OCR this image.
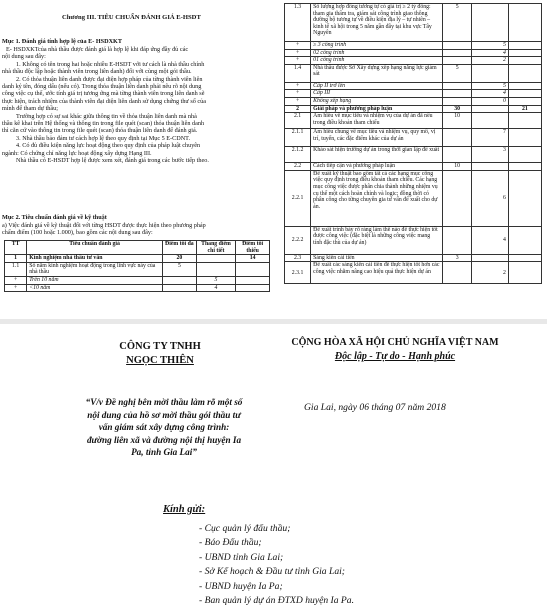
Chương III. TIÊU CHUẨN ĐÁNH GIÁ E-HSDT
Mục 1. Đánh giá tính hợp lệ của E- HSDXKT
E- HSDXKTcủa nhà thầu được đánh giá là hợp lệ khi đáp ứng đầy đủ các
nội dung sau đây:
1. Không có tên trong hai hoặc nhiều E-HSDT với tư cách là nhà thầu chính
nhà thầu độc lập hoặc thành viên trong liên danh) đối với cùng một gói thầu.
2. Có thỏa thuận liên danh được đại diện hợp pháp của từng thành viên liên
danh ký tên, đóng dấu (nếu có). Trong thỏa thuận liên danh phải nêu rõ nội dung
công việc cụ thể, ước tính giá trị tương ứng mà từng thành viên trong liên danh sẽ
thực hiện, trách nhiệm của thành viên đại diện liên danh sử dụng chứng thư số của
mình để tham dự thầu;
Trường hợp có sự sai khác giữa thông tin về thỏa thuận liên danh mà nhà
thầu kê khai trên Hệ thống và thông tin trong file quét (scan) thỏa thuận liên danh
thì căn cứ vào thông tin trong file quét (scan) thỏa thuận liên danh để đánh giá.
3. Nhà thầu bảo đảm tư cách hợp lệ theo quy định tại Mục 5 E-CDNT.
4. Có đủ điều kiện năng lực hoạt động theo quy định của pháp luật chuyên
ngành: Có chứng chỉ năng lực hoạt động xây dựng Hạng III.
Nhà thầu có E-HSDT hợp lệ được xem xét, đánh giá trong các bước tiếp theo.
Mục 2. Tiêu chuẩn đánh giá về kỹ thuật
a) Việc đánh giá về kỹ thuật đối với từng HSDT được thực hiện theo phương pháp
chấm điểm (100 hoặc 1.000), bao gồm các nội dung sau đây:
TT	Tiêu chuẩn đánh giá	Điểm tối đa	Thang điểm chi tiết	Điểm tối thiểu
1	Kinh nghiệm nhà thầu tư vấn	20		14
1.1	Số năm kinh nghiệm hoạt động trong lĩnh vực này của nhà thầu	5		
+	Trên 10 năm		5	
+	<10 năm		4	
1.3	Số lượng hợp đồng tương tự có giá trị ≥ 2 tỷ đồng: tham gia thẩm tra, giám sát công trình giao thông đường bộ tương tự về điều kiện địa lý – tự nhiên – kinh tế xã hội trong 5 năm gần đây tại khu vực Tây Nguyên	5		
+	≥ 3 công trình		5	
+	02 công trình		4	
+	01 công trình		2	
1.4	Nhà thầu được Sở Xây dựng xếp hạng năng lực giám sát	5		
+	Cấp II trở lên		5	
+	Cấp III		4	
+	Không xếp hạng		0	
2	Giải pháp và phương pháp luận	30		21
2.1	Am hiểu về mục tiêu và nhiệm vụ của dự án đã nêu trong điều khoản tham chiếu	10		
2.1.1	Am hiểu chung về mục tiêu và nhiệm vụ, quy mô, vị trí, tuyến, các đặc điểm khác của dự án		7	
2.1.2	Khảo sát hiện trường dự án trong thời gian lập đề xuất		3	
2.2	Cách tiếp cận và phương pháp luận	10		
2.2.1	Đề xuất kỹ thuật bao gồm tất cả các hạng mục công việc quy định trong điều khoản tham chiếu. Các hạng mục công việc được phân chia thành những nhiệm vụ cụ thể một cách hoàn chỉnh và logic; đồng thời có phân công cho từng chuyên gia tư vấn để xuất cho dự án.		6	
2.2.2	Đề xuất trình bày rõ ràng làm thế nào để thực hiện tốt được công việc (đặc biệt là những công việc mang tính đặc thù của dự án)		4	
2.3	Sáng kiến cải tiến	3		
2.3.1	Đề xuất các sáng kiến cải tiến để thực hiện tốt hơn các công việc nhằm nâng cao hiệu quả thực hiện dự án		2	
CÔNG TY TNHH
NGỌC THIÊN
CỘNG HÒA XÃ HỘI CHỦ NGHĨA VIỆT NAM
Độc lập - Tự do - Hạnh phúc
“V/v Đề nghị bên mời thầu làm rõ một số
nội dung của hồ sơ mời thầu gói thầu tư
vấn giám sát xây dựng công trình:
đường liên xã và đường nội thị huyện Ia
Pa, tỉnh Gia Lai”
Gia Lai, ngày 06 tháng 07 năm 2018
Kính gửi:
- Cục quản lý đấu thầu;
- Báo Đấu thầu;
- UBND tỉnh Gia Lai;
- Sở Kế hoạch & Đầu tư tỉnh Gia Lai;
- UBND huyện Ia Pa;
- Ban quản lý dự án ĐTXD huyện Ia Pa.
